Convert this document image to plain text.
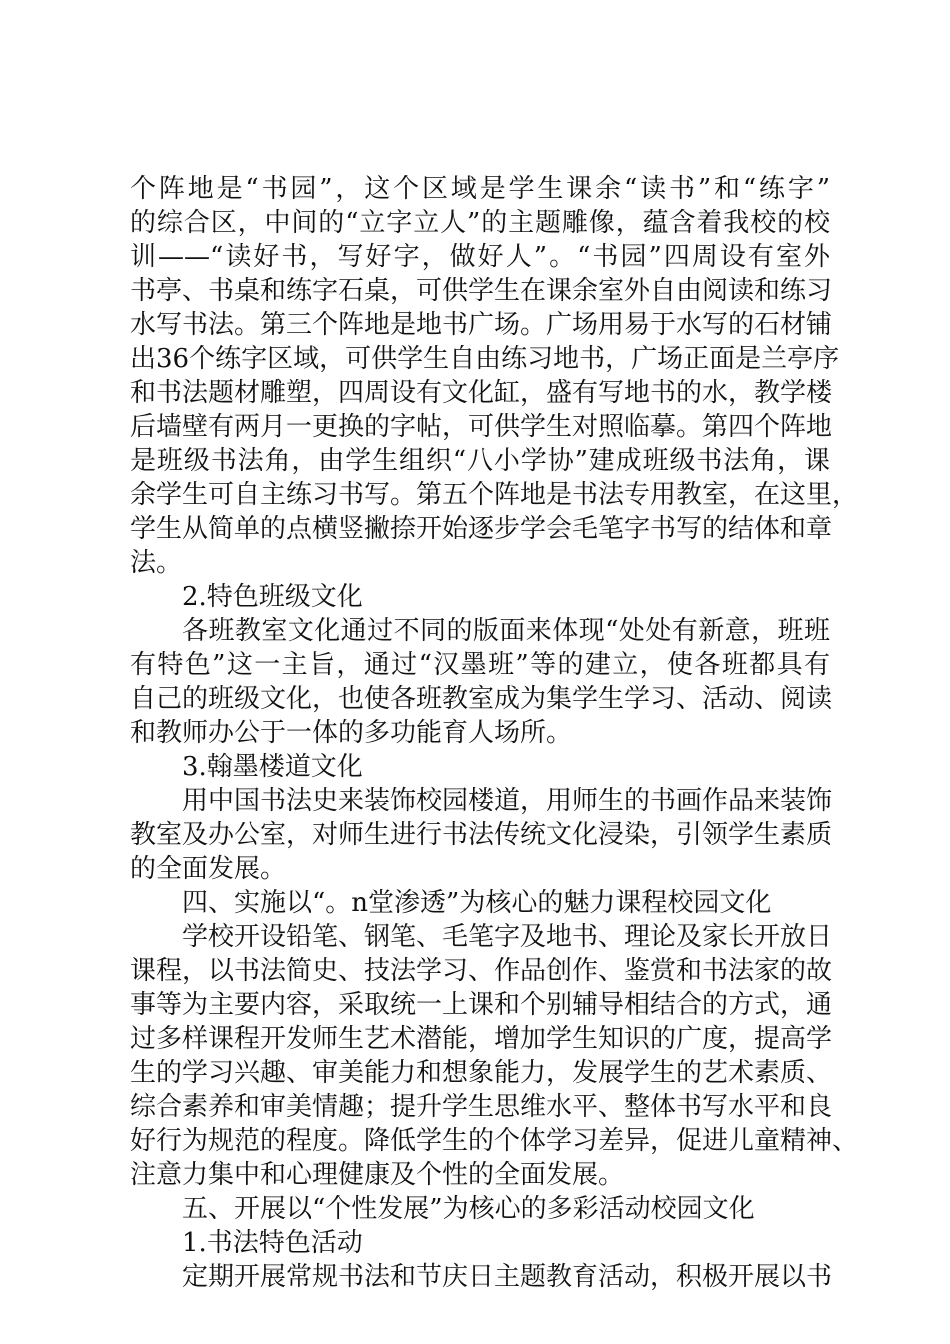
个阵地是“书园”，这个区域是学生课余“读书”和“练字”
的综合区，中间的“立字立人”的主题雕像，蕴含着我校的校
训——“读好书，写好字，做好人”。“书园”四周设有室外
书亭、书桌和练字石桌，可供学生在课余室外自由阅读和练习
水写书法。第三个阵地是地书广场。广场用易于水写的石材铺
出36个练字区域，可供学生自由练习地书，广场正面是兰亭序
和书法题材雕塑，四周设有文化缸，盛有写地书的水，教学楼
后墙壁有两月一更换的字帖，可供学生对照临摹。第四个阵地
是班级书法角，由学生组织“八小学协”建成班级书法角，课
余学生可自主练习书写。第五个阵地是书法专用教室，在这里，
学生从简单的点横竖撇捺开始逐步学会毛笔字书写的结体和章
法。
2.特色班级文化
各班教室文化通过不同的版面来体现“处处有新意，班班
有特色”这一主旨，通过“汉墨班”等的建立，使各班都具有
自己的班级文化，也使各班教室成为集学生学习、活动、阅读
和教师办公于一体的多功能育人场所。
3.翰墨楼道文化
用中国书法史来装饰校园楼道，用师生的书画作品来装饰
教室及办公室，对师生进行书法传统文化浸染，引领学生素质
的全面发展。
四、实施以“。n堂渗透”为核心的魅力课程校园文化
学校开设铅笔、钢笔、毛笔字及地书、理论及家长开放日
课程，以书法简史、技法学习、作品创作、鉴赏和书法家的故
事等为主要内容，采取统一上课和个别辅导相结合的方式，通
过多样课程开发师生艺术潜能，增加学生知识的广度，提高学
生的学习兴趣、审美能力和想象能力，发展学生的艺术素质、
综合素养和审美情趣；提升学生思维水平、整体书写水平和良
好行为规范的程度。降低学生的个体学习差异，促进儿童精神、
注意力集中和心理健康及个性的全面发展。
五、开展以“个性发展”为核心的多彩活动校园文化
1.书法特色活动
定期开展常规书法和节庆日主题教育活动，积极开展以书
